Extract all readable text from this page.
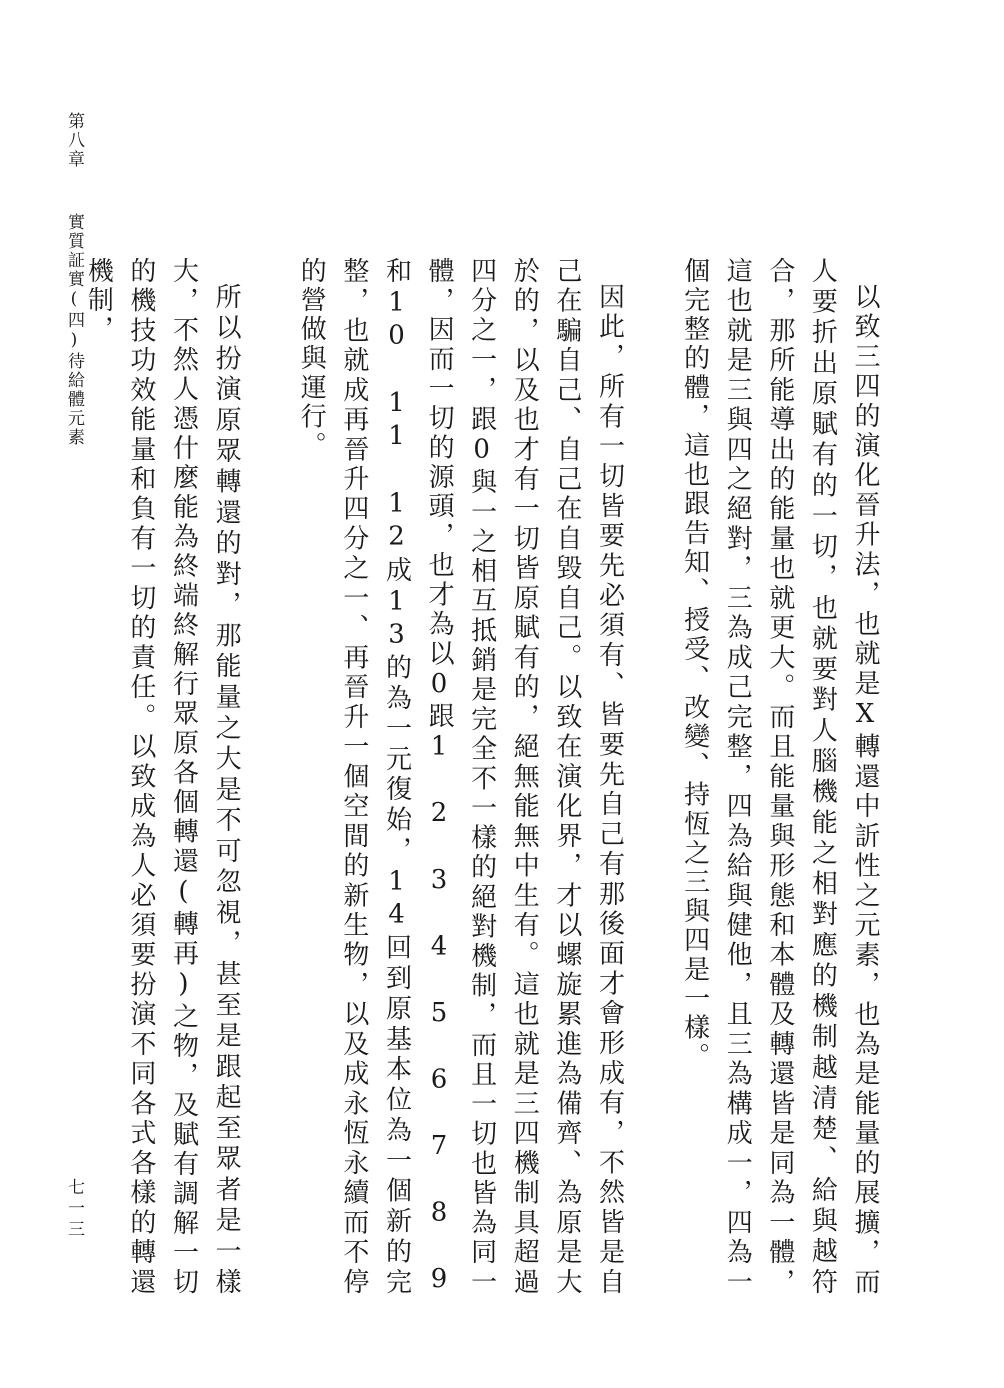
第八章 實質証實(四)待給體元素
七一三	以致三四的演化晉升法，也就是X轉還中訢性之元素，也為是能量的展擴，而人要折出原賦有的一切，也就要對人腦機能之相對應的機制越清楚、給與越符合，那所能導出的能量也就更大。而且能量與形態和本體及轉還皆是同為一體，這也就是三與四之絕對，三為成己完整，四為給與健他，且三為構成一，四為一個完整的體，這也跟告知、授受、改變、持恆之三與四是一樣。

因此，所有一切皆要先必須有、皆要先自己有那後面才會形成有，不然皆是自己在騙自己、自己在自毀自己。以致在演化界，才以螺旋累進為備齊、為原是大於的，以及也才有一切皆原賦有的，絕無能無中生有。這也就是三四機制具超過四分之一，跟0與一之相互抵銷是完全不一樣的絕對機制，而且一切也皆為同一體，因而一切的源頭，也才為以0跟1 2 3 4 5 6 7 8 9和10 11 12成13的為一元復始，14回到原基本位為一個新的完整，也就成再晉升四分之一、再晉升一個空間的新生物，以及成永恆永續而不停的營做與運行。

所以扮演原眾轉還的對，那能量之大是不可忽視，甚至是跟起至眾者是一樣大，不然人憑什麼能為終端終解行眾原各個轉還(轉再)之物，及賦有調解一切的機技功效能量和負有一切的責任。以致成為人必須要扮演不同各式各樣的轉還機制，
